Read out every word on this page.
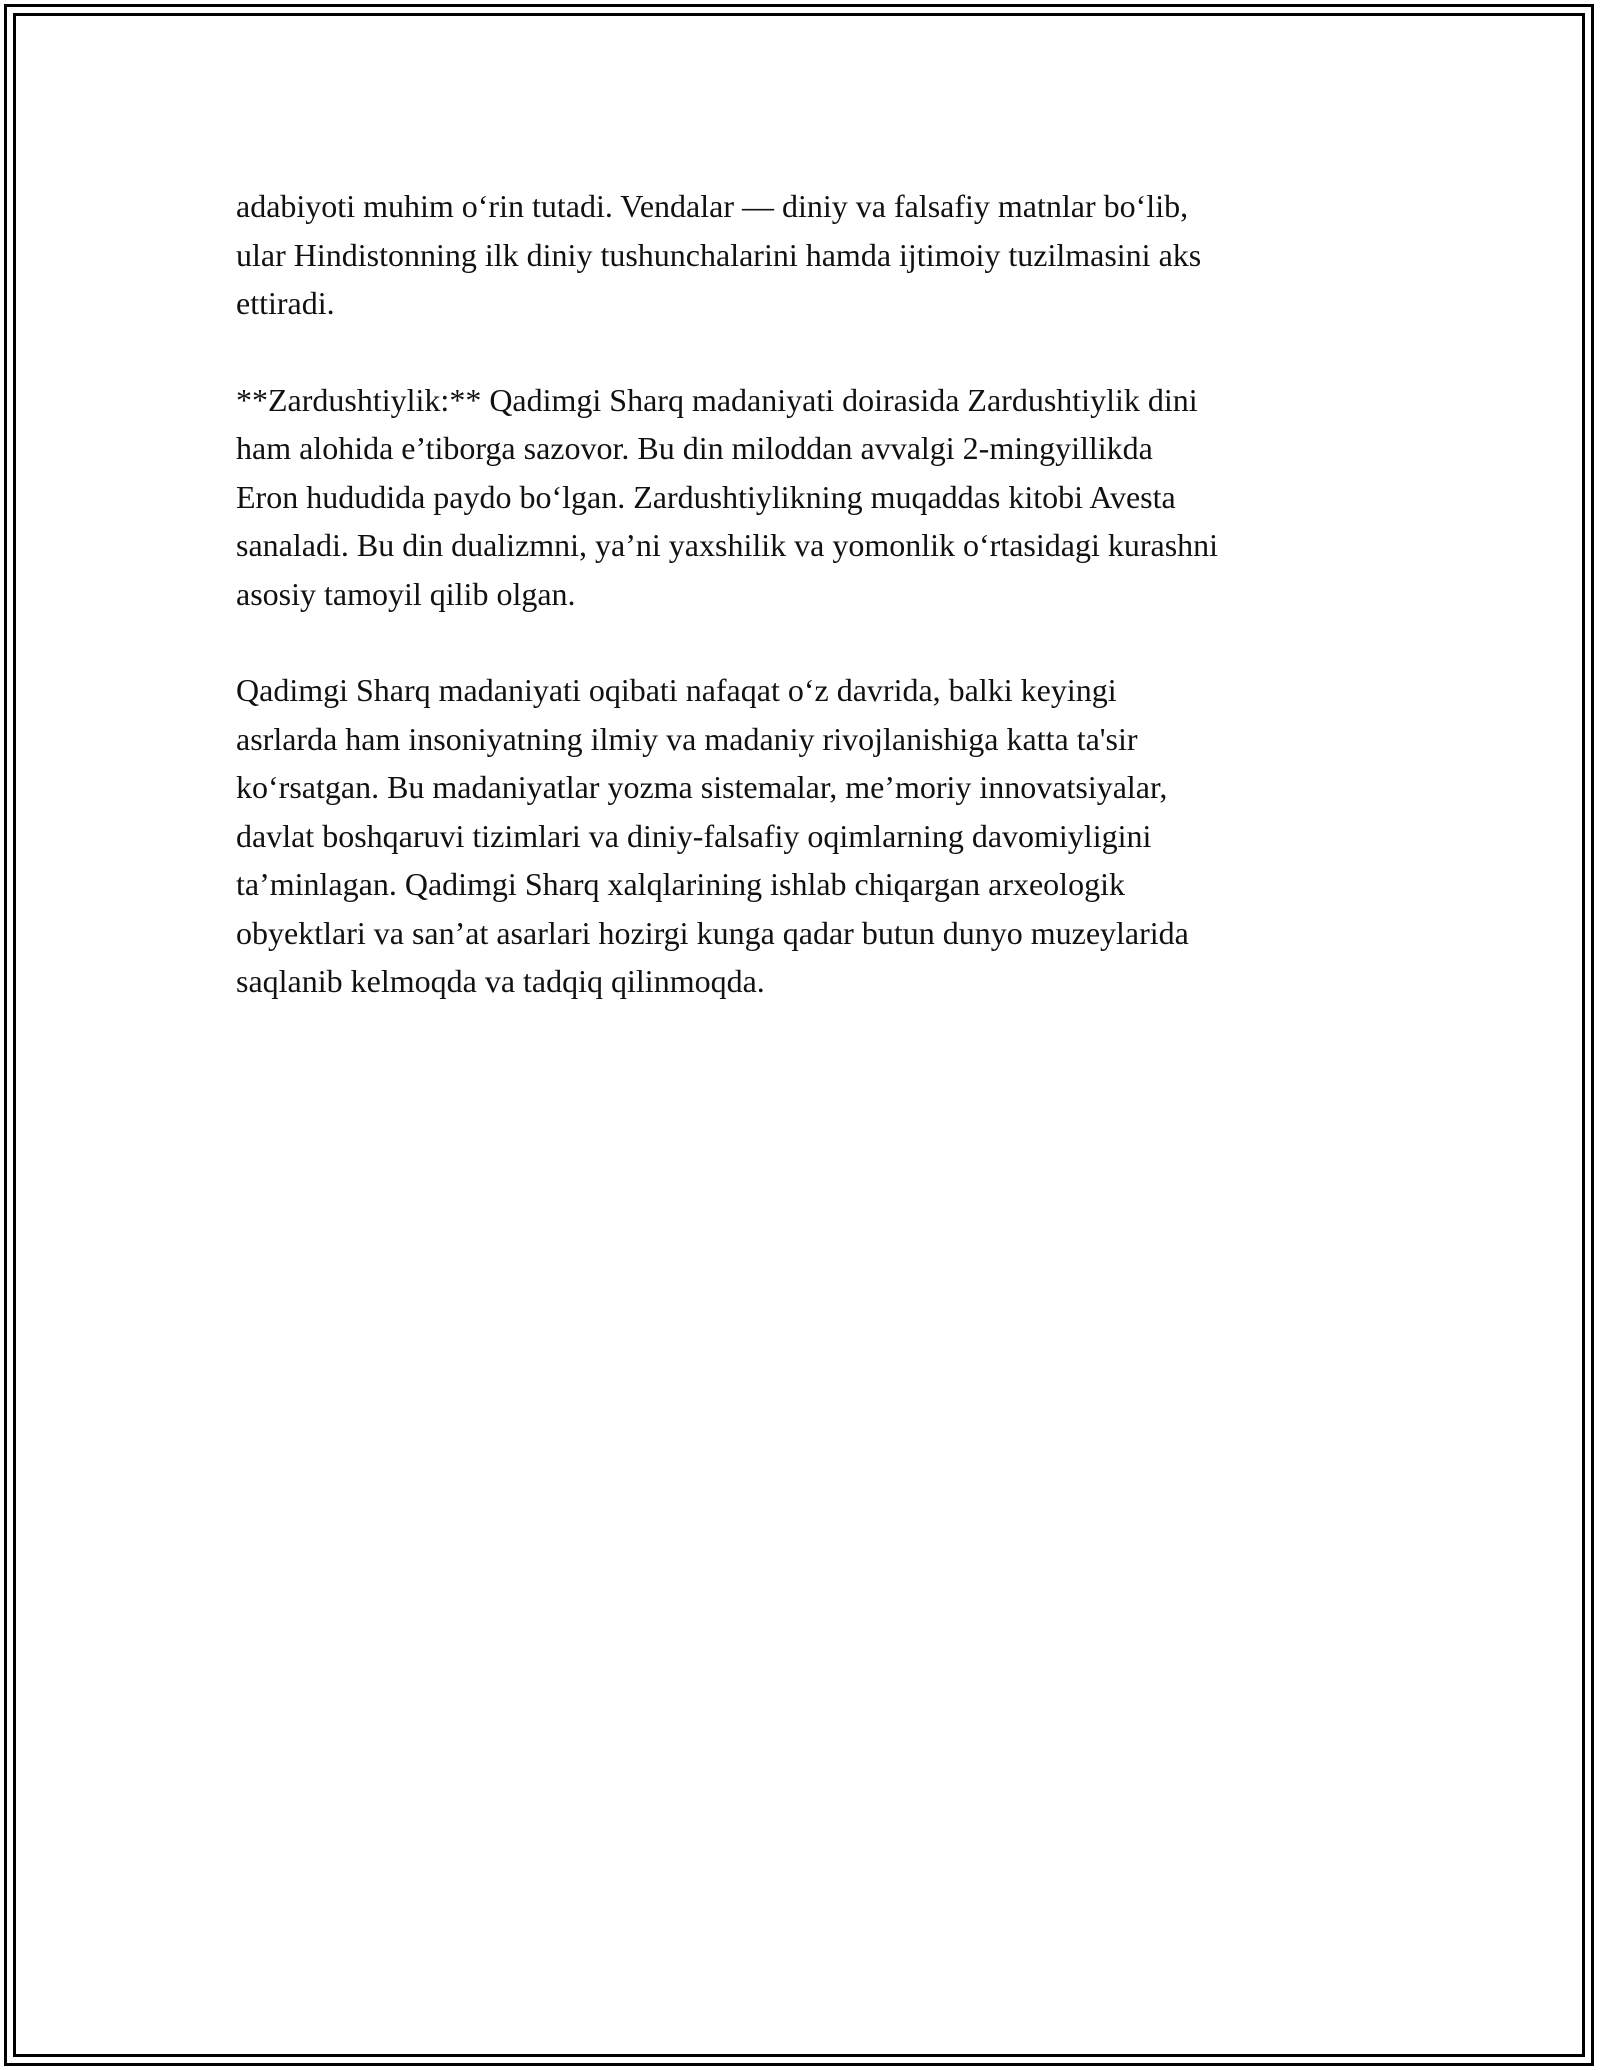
adabiyoti muhim o‘rin tutadi. Vendalar — diniy va falsafiy matnlar bo‘lib,
ular Hindistonning ilk diniy tushunchalarini hamda ijtimoiy tuzilmasini aks
ettiradi.

**Zardushtiylik:** Qadimgi Sharq madaniyati doirasida Zardushtiylik dini
ham alohida e’tiborga sazovor. Bu din miloddan avvalgi 2-mingyillikda
Eron hududida paydo bo‘lgan. Zardushtiylikning muqaddas kitobi Avesta
sanaladi. Bu din dualizmni, ya’ni yaxshilik va yomonlik o‘rtasidagi kurashni
asosiy tamoyil qilib olgan.

Qadimgi Sharq madaniyati oqibati nafaqat o‘z davrida, balki keyingi
asrlarda ham insoniyatning ilmiy va madaniy rivojlanishiga katta ta'sir
ko‘rsatgan. Bu madaniyatlar yozma sistemalar, me’moriy innovatsiyalar,
davlat boshqaruvi tizimlari va diniy-falsafiy oqimlarning davomiyligini
ta’minlagan. Qadimgi Sharq xalqlarining ishlab chiqargan arxeologik
obyektlari va san’at asarlari hozirgi kunga qadar butun dunyo muzeylarida
saqlanib kelmoqda va tadqiq qilinmoqda.
